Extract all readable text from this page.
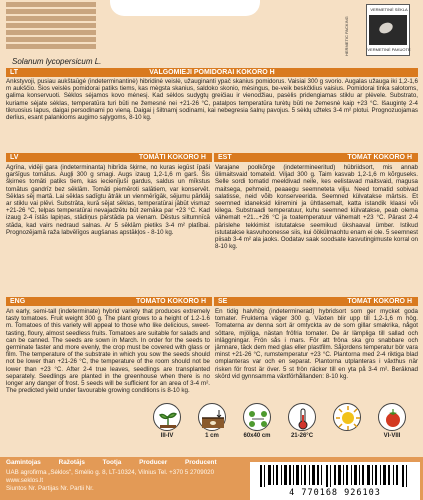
HERMETIC PACKING
VERMETINĖ SĖKLA
VERMETINĖ PAKUOTĖ
Solanum lycopersicum L.
LT	VALGOMIEJI POMIDORAI KOKORO H
Ankstyvoji, pusiau aukštaūgė (indeterminantinė) hibridinė veislė, užauginanti ypač skanius pomidorus. Vaisiai 300 g svorio. Augalas užauga iki 1,2-1,6 m aukščio. Šios veislės pomidorai patiks tiems, kas mėgsta skanius, saldoko skonio, mėsingus, be-veik beskčklius vaisius. Pomidorai tinka salotoms, galima konservuoti. Sėklos sėjamos kovo mėnesį. Kad sėklos sudygtų greičiau ir vienodžiau, pasėlis pridengiamas stiklu ar plėvele. Substrato, kuriame sėjate sėklas, temperatūra turi būti ne žemesnė nei +21-26 °C, patalpos temperatūra turėtų būti ne žemesnė kaip +23 °C. Išaugintę 2-4 tikruosius lapus, daigai persodinami po vieną. Daigai į šiltnamį sodinami, kai nebegresia šalnų pavojus. 5 sėklų užteks 3-4 m² plotui. Prognozuojamas derlius, esant palankioms augimo sąlygoms, 8-10 kg.
LV	TOMĀTI KOKORO H
Agrīna, vidēji gara (indeterminanta) hibrīda šķirne, no kuras iegūst īpaši garšīgus tomātus. Augļi 300 g smagi. Augs izaug 1,2-1,6 m garš. Šis šķirnes tomāti patiks tiem, kas iecienījuši gardus, saldus un mīkstus tomātus gandrīz bez sēklām. Tomāti piemēroti salātiem, var konservēt. Sēklas sēj martā. Lai sēklas sadīgtu ātrāk un vienmērīgāk, sējumu pārklāj ar stiklu vai plēvi. Substrāta, kurā sējat sēklas, temperatūrai jābūt vismaz +21-26 °C, telpas temperatūrai nevajadzētu būt zemāka par +23 °C. Kad izaug 2-4 īstās lapiņas, stādiņus pārstāda pa vienam. Dēstus siltumnīcā stāda, kad vairs nedraud salnas. Ar 5 sēklām pietiks 3-4 m² platībai. Prognozējamā raža labvēlīgos augšanas apstākļos - 8-10 kg.
EST	TOMAT KOKORO H
Varajane poolkõrge (indetermineeritud) hübriidsort, mis annab ülimaitsvaid tomateid. Viljad 300 g. Taim kasvab 1,2-1,6 m kõrguseks. Selle sordi tomatid meeldivad neile, kes eelistavad maitsvaid, magusa maitsega, pehmeid, peaaegu seemneteta vilju. Need tomatid sobivad salatisse, neid võib konserveerida. Seemned külvatakse märtsis. Et seemned idaneksid kiiremini ja ühtlasemalt, katta istandik klaasi või kilega. Substraadi temperatuur, kuhu seemned külvatakse, peab olema vähemalt +21...+26 °C ja toatemperatuur vähemalt +23 °C. Pärast 2-4 pärislehe tekkimist istutatakse seemikud ükshaaval ümber. Istikud istutatakse kasvuhoonesse siis, kui öökülmaohtu enam ei ole. 5 seemnest piisab 3-4 m² ala jaoks. Oodatav saak soodsate kasvutingimuste korral on 8-10 kg.
ENG	TOMATO KOKORO H
An early, semi-tall (indeterminate) hybrid variety that produces extremely tasty tomatoes. Fruit weight 300 g. The plant grows to a height of 1.2-1.6 m. Tomatoes of this variety will appeal to those who like delicious, sweet-tasting, floury, almost seedless fruits. Tomatoes are suitable for salads and can be canned. The seeds are sown in March. In order for the seeds to germinate faster and more evenly, the crop must be covered with glass or film. The temperature of the substrate in which you sow the seeds should not be lower than +21-26 °C, the temperature of the room should not be lower than +23 °C. After 2-4 true leaves, seedlings are transplanted separately. Seedlings are planted in the greenhouse when there is no longer any danger of frost. 5 seeds will be sufficient for an area of 3-4 m². The predicted yield under favourable growing conditions is 8-10 kg.
SE	TOMAT KOKORO H
En tidig halvhög (indeterminerad) hybridsort som ger mycket goda tomater. Frukterna väger 300 g. Växten blir upp till 1,2-1,6 m hög. Tomaterna av denna sort är omtyckta av de som gillar smakrika, något söttare, mjöliga, nästan fröfria tomater. De är lämpliga till sallad och inläggningar. Frön sås i mars. För att fröna ska gro snabbare och jämnare, täck dem med glas eller plastfilm. Såjordens temperatur bör vara minst +21-26 °C, rumstemperatur +23 °C. Plantorna med 2-4 riktiga blad omplanteras var och en separat. Plantorna utplanteras i växthus när risken för frost är över. 5 st frön räcker till en yta på 3-4 m². Beräknad skörd vid gynnsamma växtförhållanden: 8-10 kg.
III-IV	1 cm	60x40 cm	21-26°C	VI-VIII
Gamintojas	Ražotājs	Tootja	Producer	Producent
UAB agrofirma „Sėklos", Smėlio g. 8, LT-10324, Vilnius Tel. +370 5 2709020 www.seklos.lt
Siuntos Nr. Partijas Nr. Partii Nr.	4 770168 926103
